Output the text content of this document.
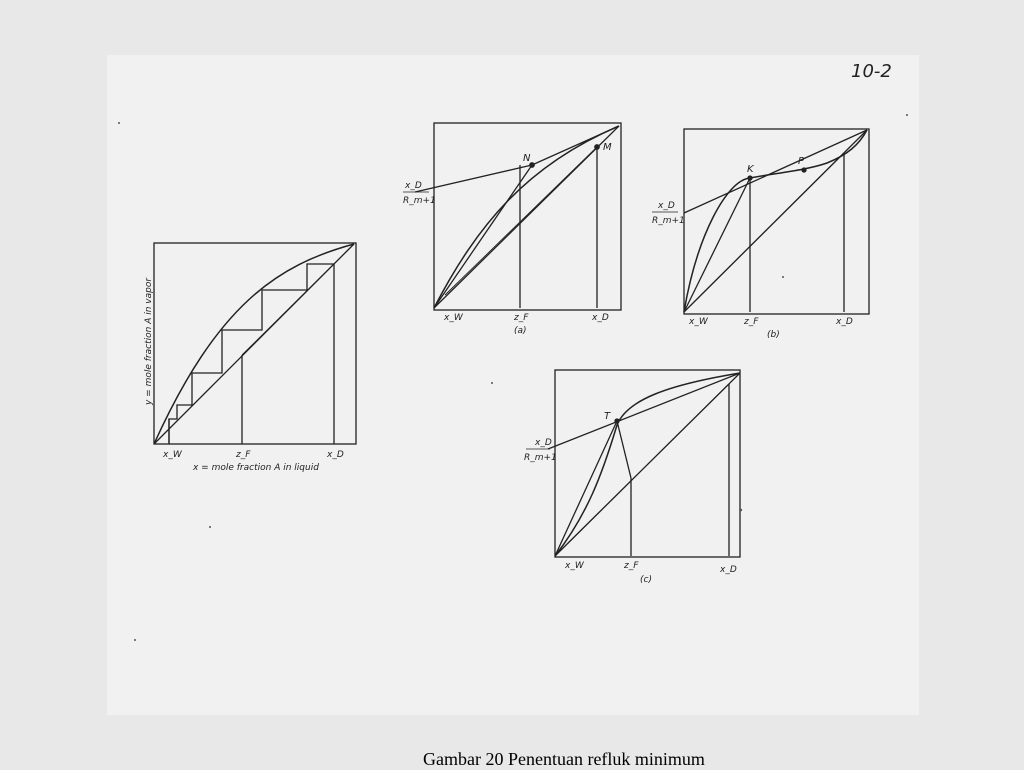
10-2
y = mole fraction A in vapor
x = mole fraction A in liquid
x_W	z_F	x_D
N
M
x_D
R_m+1
x_W	z_F	x_D
(a)
K
P
x_D
R_m+1
x_W	z_F	x_D
(b)
T
x_D
R_m+1
x_W	z_F	x_D
(c)
Gambar 20 Penentuan refluk minimum
